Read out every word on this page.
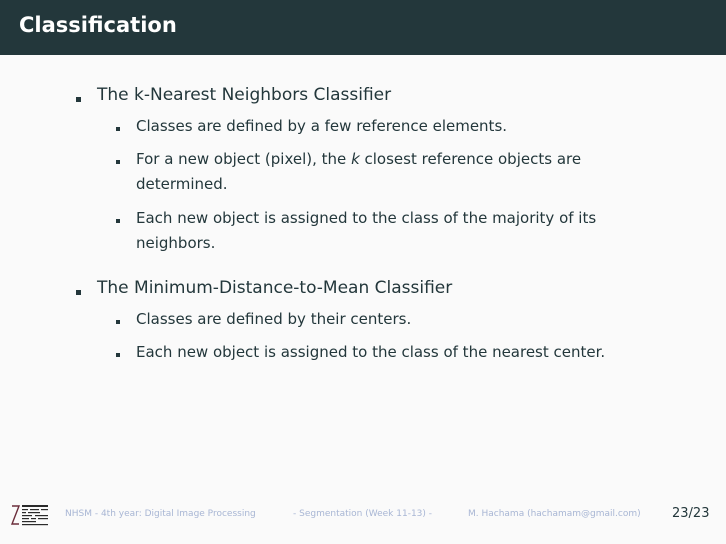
Classification
The k-Nearest Neighbors Classifier
Classes are defined by a few reference elements.
For a new object (pixel), the k closest reference objects are determined.
Each new object is assigned to the class of the majority of its neighbors.
The Minimum-Distance-to-Mean Classifier
Classes are defined by their centers.
Each new object is assigned to the class of the nearest center.
NHSM - 4th year: Digital Image Processing	- Segmentation (Week 11-13) -	M. Hachama (hachamam@gmail.com) 23/23
